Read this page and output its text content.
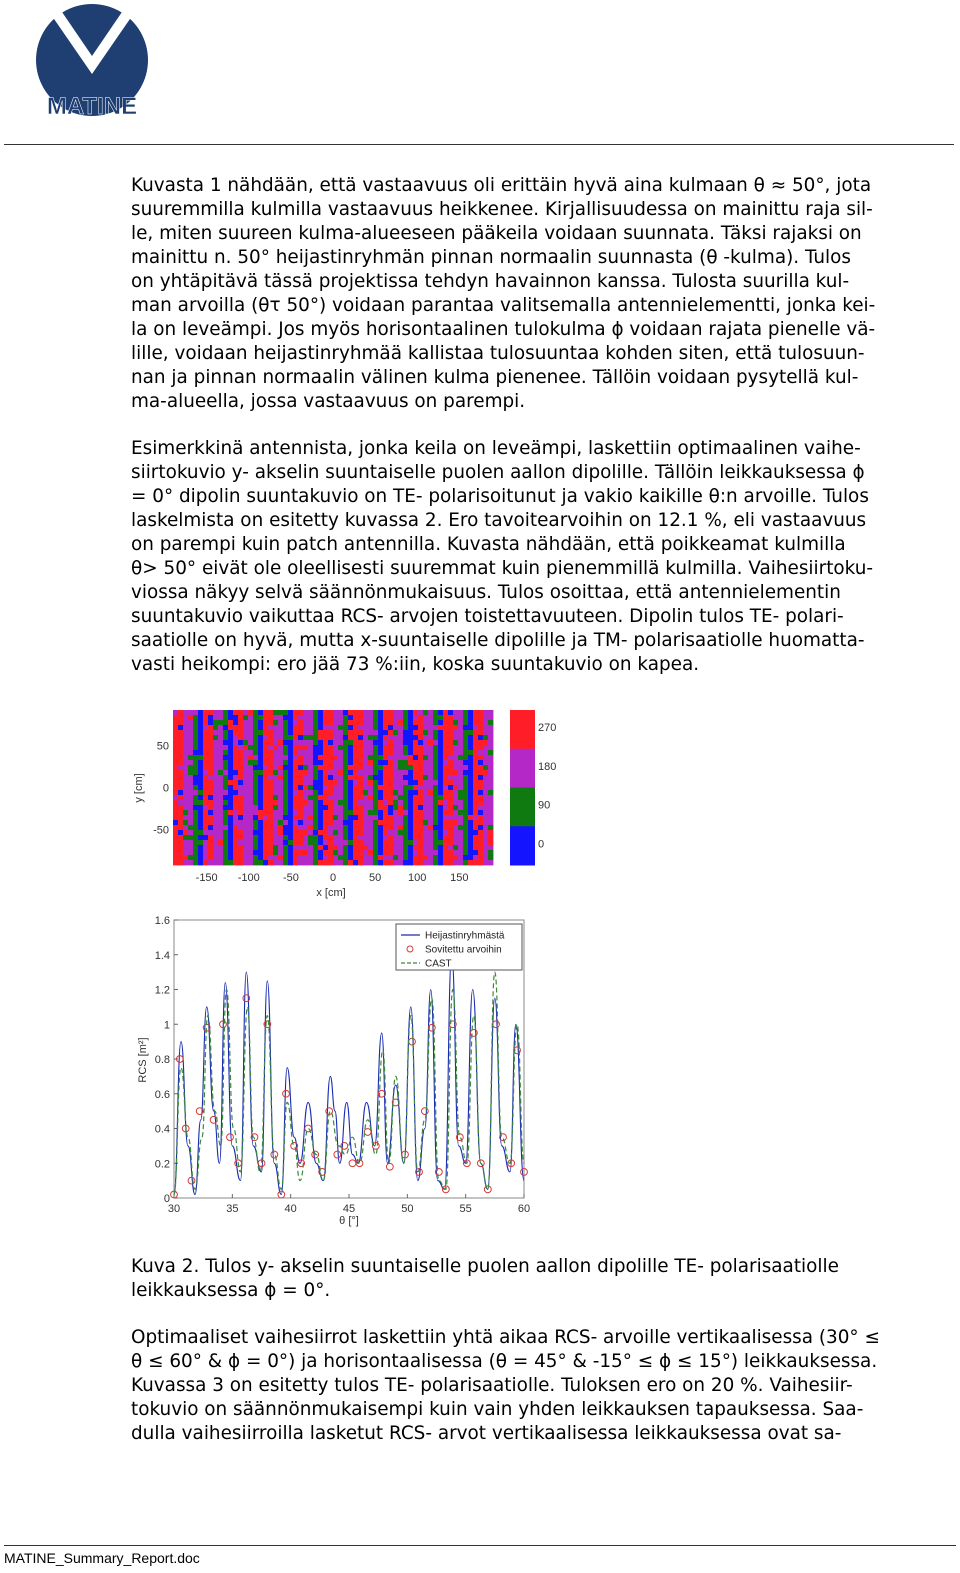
MATINE
Kuvasta 1 nähdään, että vastaavuus oli erittäin hyvä aina kulmaan θ ≈ 50°, jota
suuremmilla kulmilla vastaavuus heikkenee. Kirjallisuudessa on mainittu raja sil-
le, miten suureen kulma-alueeseen pääkeila voidaan suunnata. Täksi rajaksi on
mainittu n. 50° heijastinryhmän pinnan normaalin suunnasta (θ -kulma). Tulos
on yhtäpitävä tässä projektissa tehdyn havainnon kanssa. Tulosta suurilla kul-
man arvoilla (θτ 50°) voidaan parantaa valitsemalla antennielementti, jonka kei-
la on leveämpi. Jos myös horisontaalinen tulokulma ϕ voidaan rajata pienelle vä-
lille, voidaan heijastinryhmää kallistaa tulosuuntaa kohden siten, että tulosuun-
nan ja pinnan normaalin välinen kulma pienenee. Tällöin voidaan pysytellä kul-
ma-alueella, jossa vastaavuus on parempi.
Esimerkkinä antennista, jonka keila on leveämpi, laskettiin optimaalinen vaihe-
siirtokuvio y- akselin suuntaiselle puolen aallon dipolille. Tällöin leikkauksessa ϕ
= 0° dipolin suuntakuvio on TE- polarisoitunut ja vakio kaikille θ:n arvoille. Tulos
laskelmista on esitetty kuvassa 2. Ero tavoitearvoihin on 12.1 %, eli vastaavuus
on parempi kuin patch antennilla. Kuvasta nähdään, että poikkeamat kulmilla
θ> 50° eivät ole oleellisesti suuremmat kuin pienemmillä kulmilla. Vaihesiirtoku-
viossa näkyy selvä säännönmukaisuus. Tulos osoittaa, että antennielementin
suuntakuvio vaikuttaa RCS- arvojen toistettavuuteen. Dipolin tulos TE- polari-
saatiolle on hyvä, mutta x-suuntaiselle dipolille ja TM- polarisaatiolle huomatta-
vasti heikompi: ero jää 73 %:iin, koska suuntakuvio on kapea.
270
180
90
0
-150 -100 -50	0	50 100 150
50
0
-50
x [cm]
y [cm]
30	35	40	45	50	55	60
0
0.2
0.4
0.6
0.8
1
1.2
1.4
1.6
Heijastinryhmästä
Sovitettu arvoihin
CAST
θ [°]
RCS [m²]
Kuva 2. Tulos y- akselin suuntaiselle puolen aallon dipolille TE- polarisaatiolle
leikkauksessa ϕ = 0°.
Optimaaliset vaihesiirrot laskettiin yhtä aikaa RCS- arvoille vertikaalisessa (30° ≤
θ ≤ 60° & ϕ = 0°) ja horisontaalisessa (θ = 45° & -15° ≤ ϕ ≤ 15°) leikkauksessa.
Kuvassa 3 on esitetty tulos TE- polarisaatiolle. Tuloksen ero on 20 %. Vaihesiir-
tokuvio on säännönmukaisempi kuin vain yhden leikkauksen tapauksessa. Saa-
dulla vaihesiirroilla lasketut RCS- arvot vertikaalisessa leikkauksessa ovat sa-
MATINE_Summary_Report.doc
